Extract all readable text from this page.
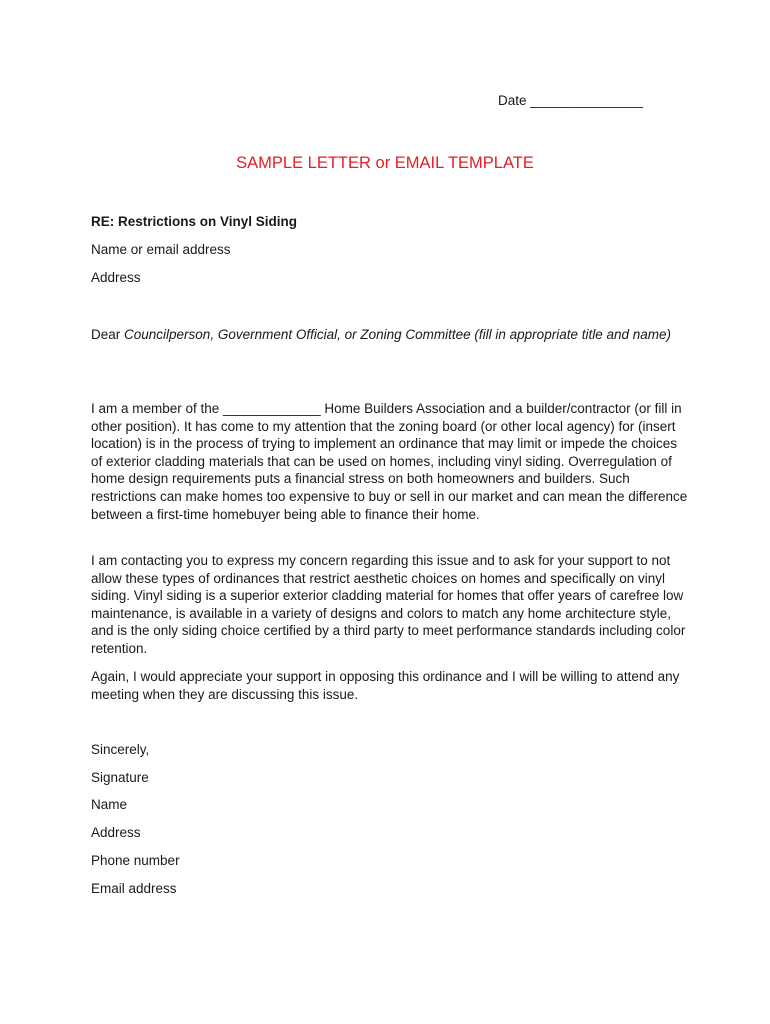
Date _______________
SAMPLE LETTER or EMAIL TEMPLATE
RE: Restrictions on Vinyl Siding
Name or email address
Address
Dear Councilperson, Government Official, or Zoning Committee (fill in appropriate title and name)

I am a member of the _____________ Home Builders Association and a builder/contractor (or fill in other position). It has come to my attention that the zoning board (or other local agency) for (insert location) is in the process of trying to implement an ordinance that may limit or impede the choices of exterior cladding materials that can be used on homes, including vinyl siding. Overregulation of home design requirements puts a financial stress on both homeowners and builders. Such restrictions can make homes too expensive to buy or sell in our market and can mean the difference between a first-time homebuyer being able to finance their home.

I am contacting you to express my concern regarding this issue and to ask for your support to not allow these types of ordinances that restrict aesthetic choices on homes and specifically on vinyl siding. Vinyl siding is a superior exterior cladding material for homes that offer years of carefree low maintenance, is available in a variety of designs and colors to match any home architecture style, and is the only siding choice certified by a third party to meet performance standards including color retention.

Again, I would appreciate your support in opposing this ordinance and I will be willing to attend any meeting when they are discussing this issue.

Sincerely,
Signature
Name
Address
Phone number
Email address
